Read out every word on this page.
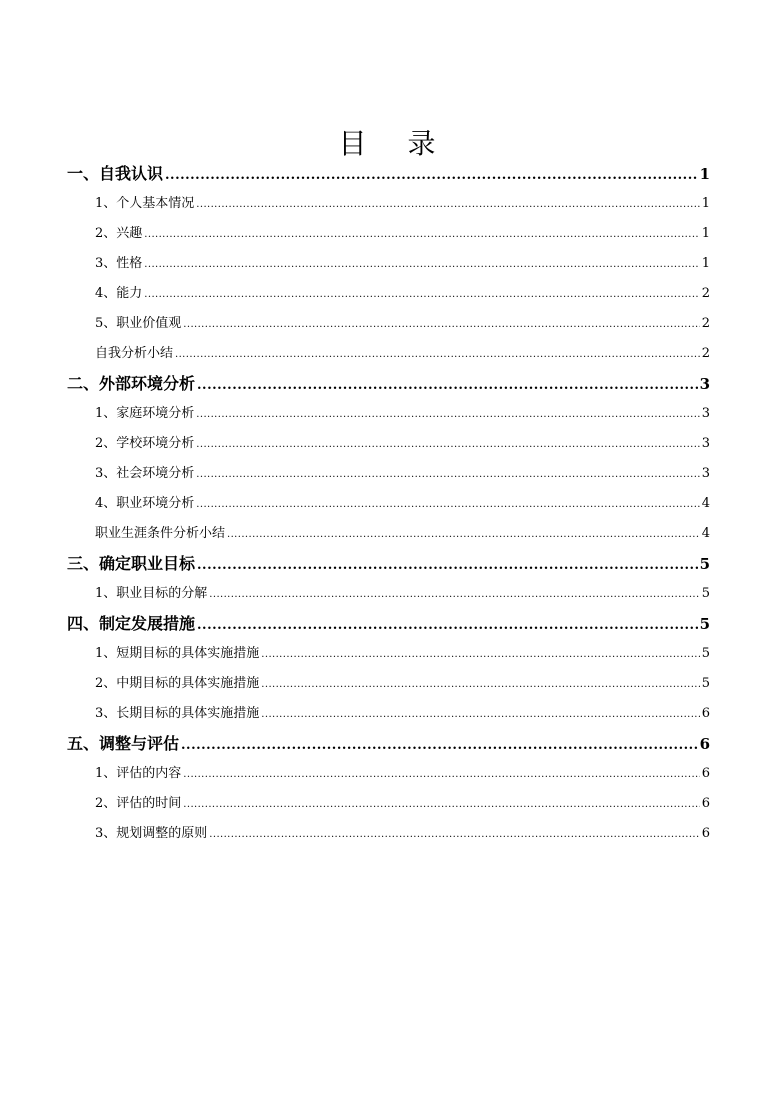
目 录
一、自我认识 .....	1
1、个人基本情况 .....	1
2、兴趣 .....	1
3、性格 .....	1
4、能力 .....	2
5、职业价值观 .....	2
自我分析小结 .....	2
二、外部环境分析 .....	3
1、家庭环境分析 .....	3
2、学校环境分析 .....	3
3、社会环境分析 .....	3
4、职业环境分析 .....	4
职业生涯条件分析小结 .....	4
三、确定职业目标 .....	5
1、职业目标的分解 .....	5
四、制定发展措施 .....	5
1、短期目标的具体实施措施 .....	5
2、中期目标的具体实施措施 .....	5
3、长期目标的具体实施措施 .....	6
五、调整与评估 .....	6
1、评估的内容 .....	6
2、评估的时间 .....	6
3、规划调整的原则 .....	6
